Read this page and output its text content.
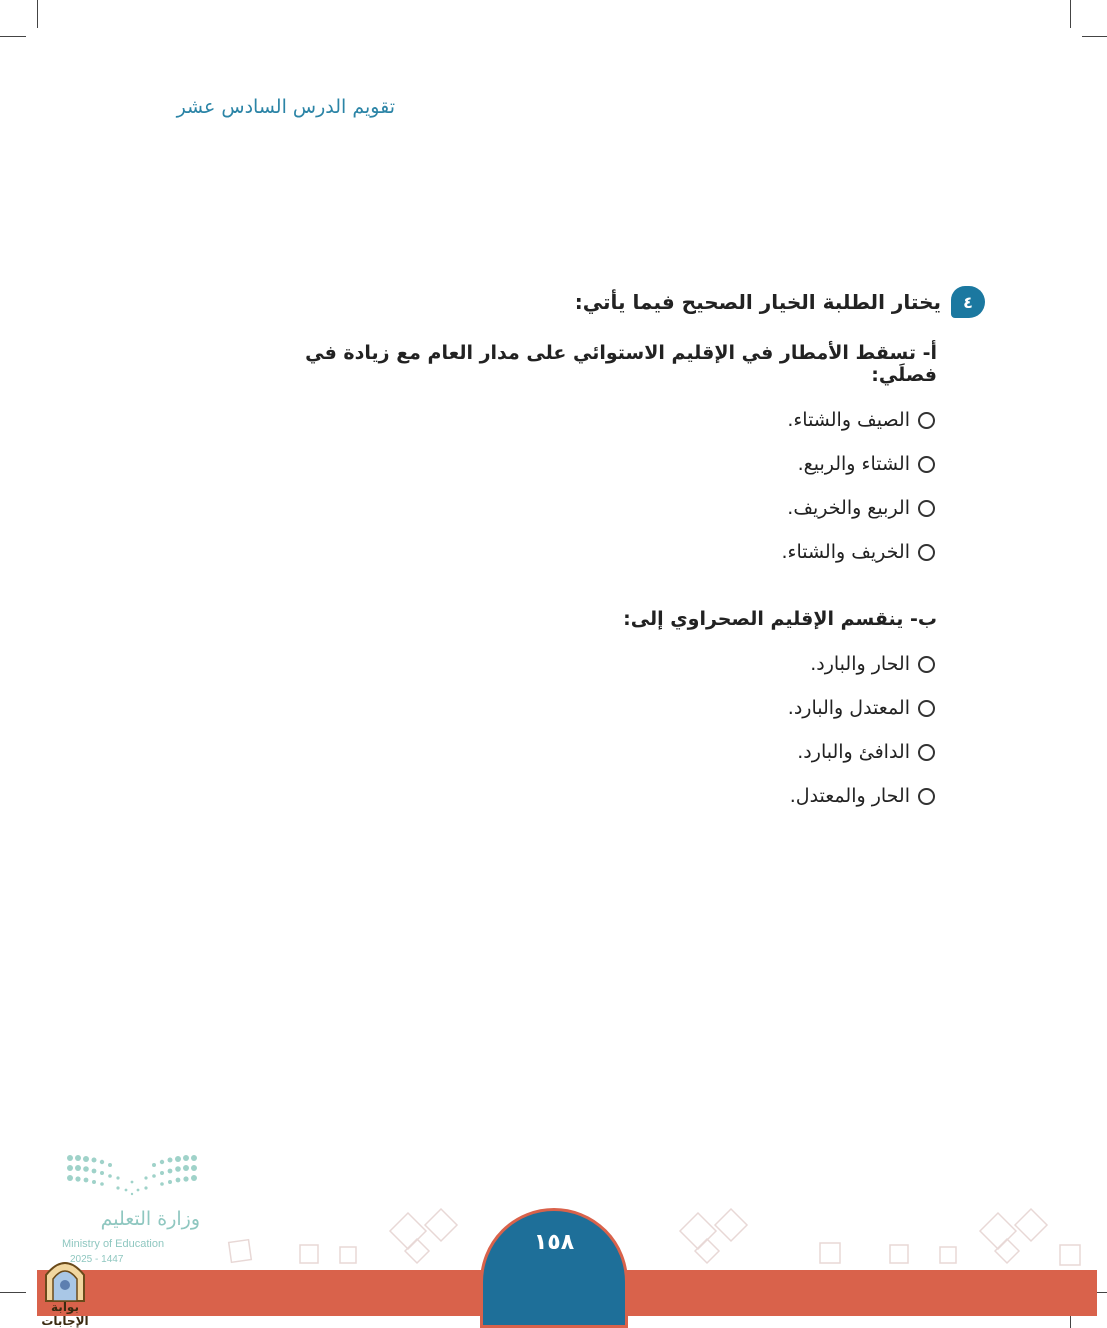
تقويم الدرس السادس عشر
٤
يختار الطلبة الخيار الصحيح فيما يأتي:
أ- تسقط الأمطار في الإقليم الاستوائي على مدار العام مع زيادة في فصلَي:
الصيف والشتاء.
الشتاء والربيع.
الربيع والخريف.
الخريف والشتاء.
ب- ينقسم الإقليم الصحراوي إلى:
الحار والبارد.
المعتدل والبارد.
الدافئ والبارد.
الحار والمعتدل.
١٥٨
وزارة التعليم
Ministry of Education
2025 - 1447
بوابة الإجابات
